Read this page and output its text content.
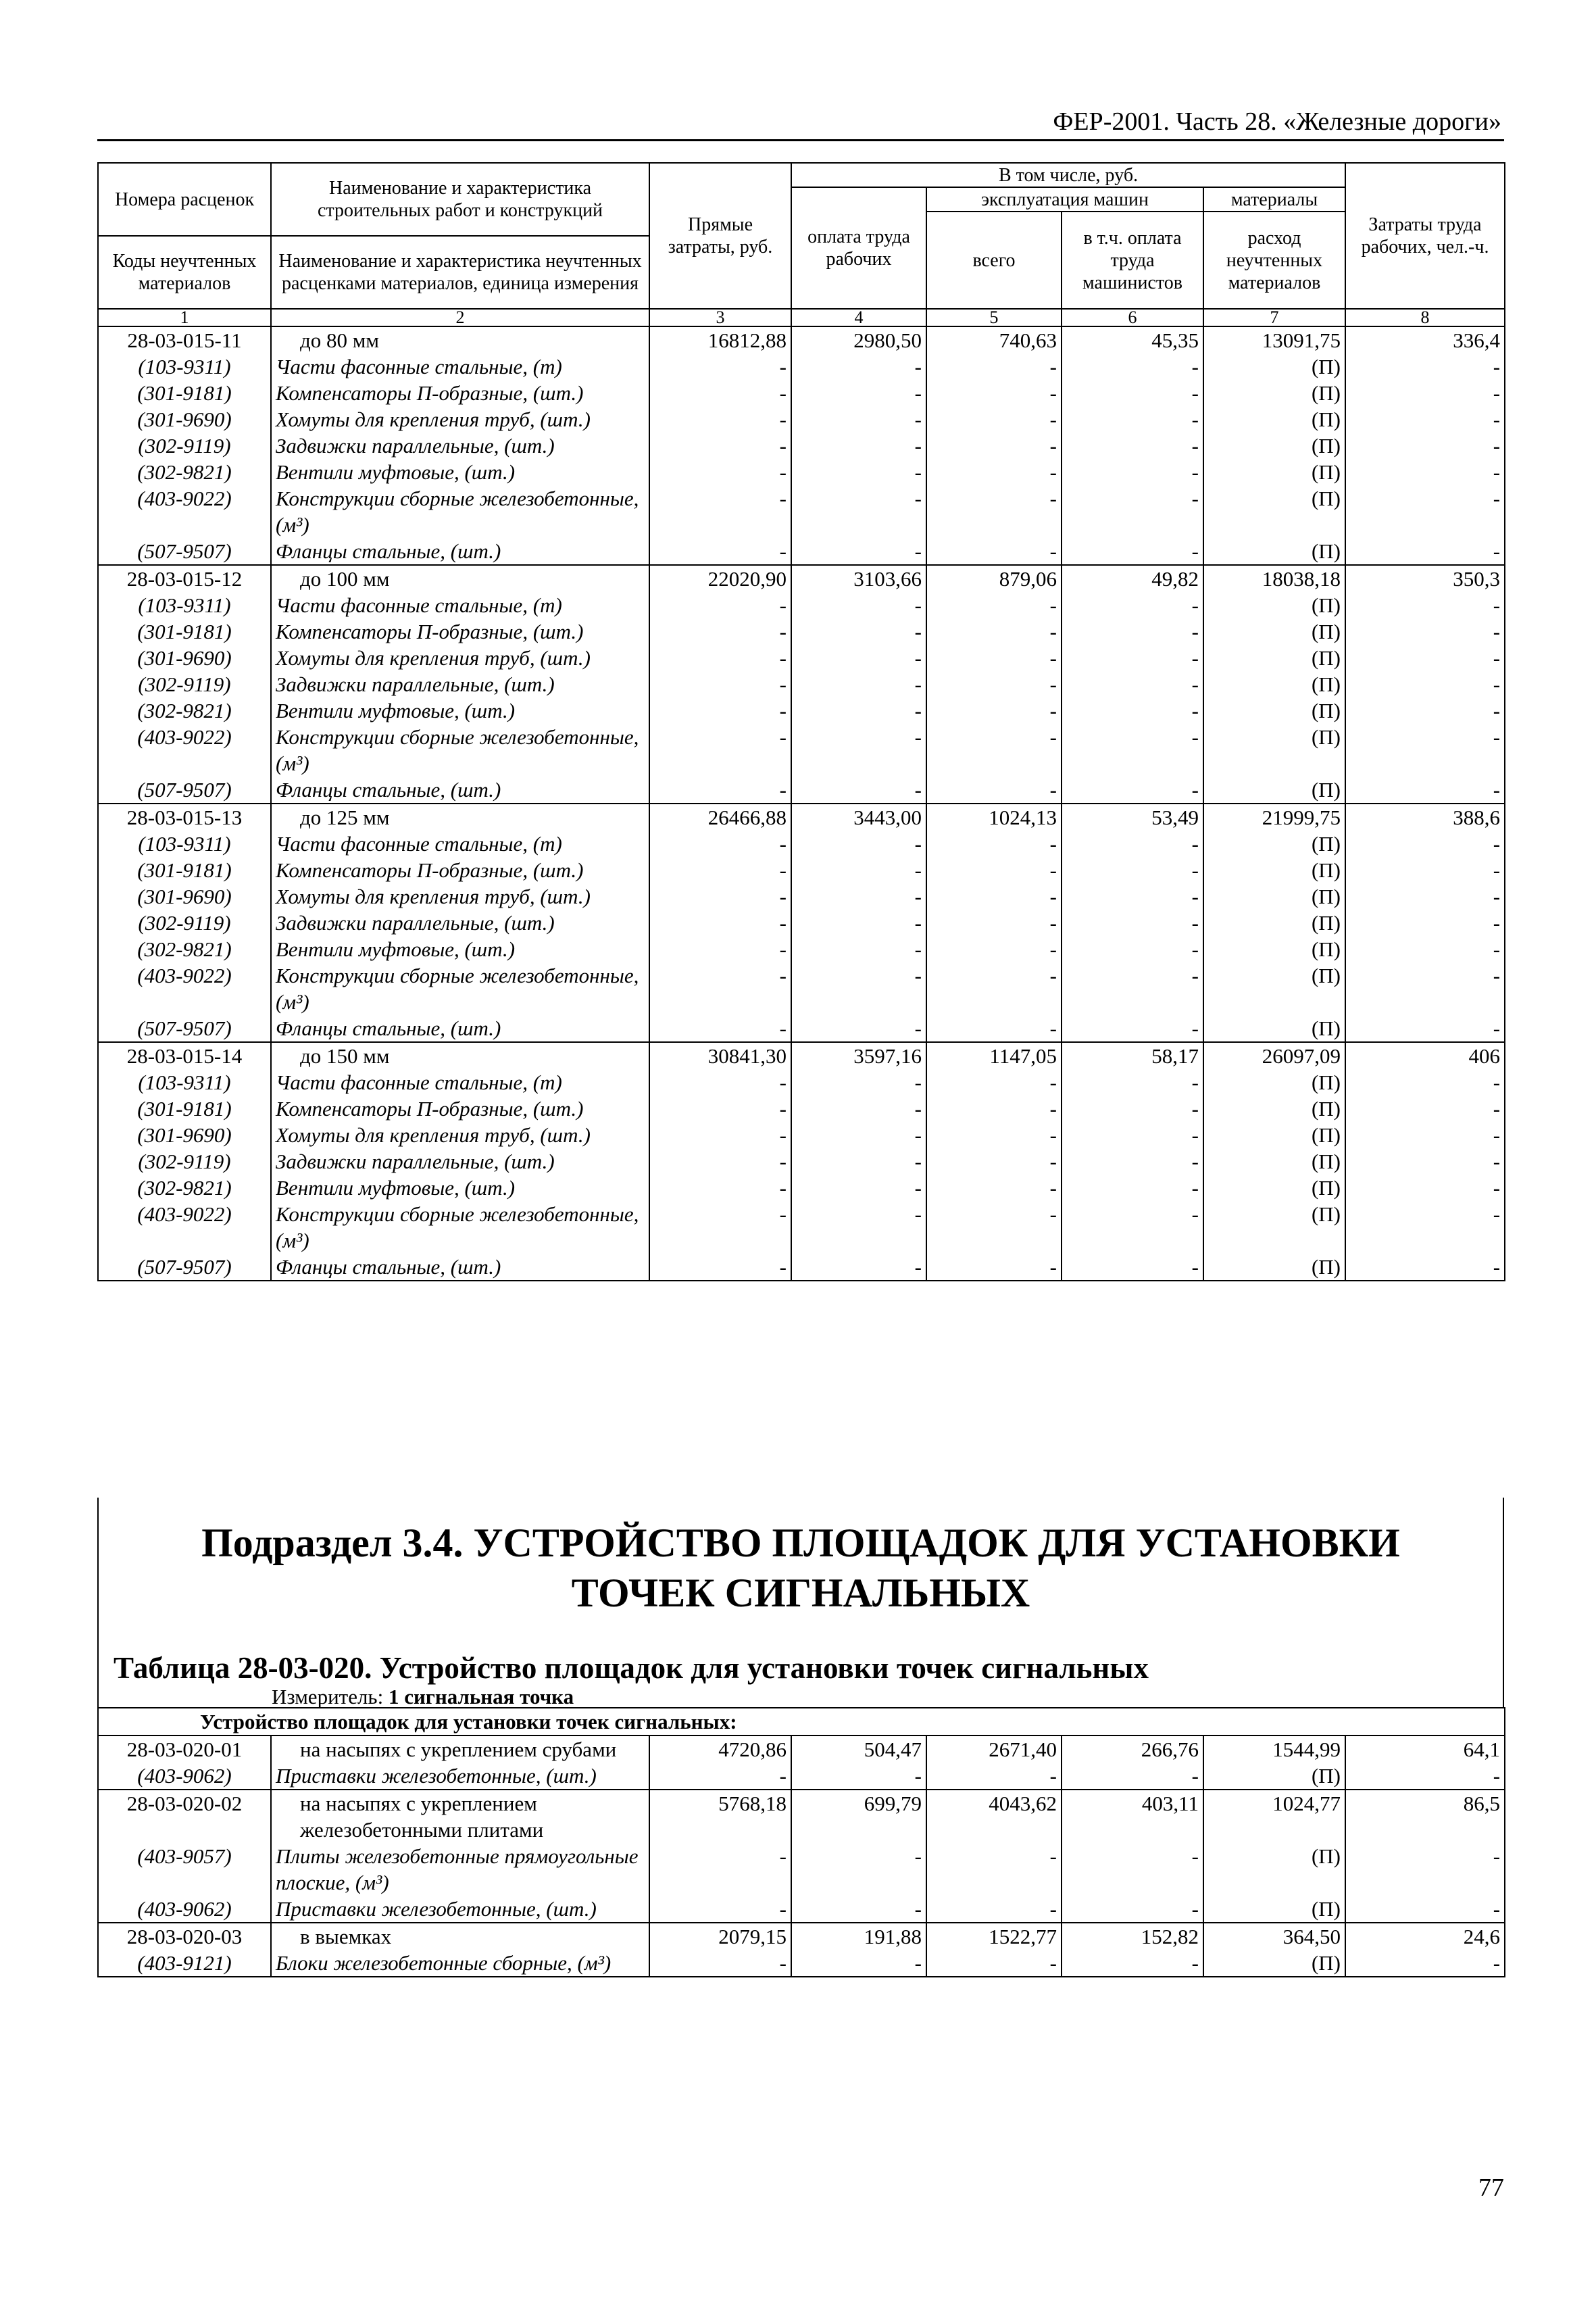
ФЕР-2001. Часть 28. «Железные дороги»
Номера расценок	Наименование и характеристика строительных работ и конструкций	Прямые затраты, руб.	В том числе, руб.				Затраты труда рабочих, чел.-ч.
			оплата труда рабочих	эксплуатация машин		материалы	
				всего	в т.ч. оплата труда машинистов	расход неучтенных материалов	
Коды неучтенных материалов	Наименование и характеристика неучтенных расценками материалов, единица измерения						

1	2	3	4	5	6	7	8
28-03-015-11	до 80 мм	16812,88	2980,50	740,63	45,35	13091,75	336,4
(103-9311)	Части фасонные стальные, (т)	-	-	-	-	(П)	-
(301-9181)	Компенсаторы П-образные, (шт.)	-	-	-	-	(П)	-
(301-9690)	Хомуты для крепления труб, (шт.)	-	-	-	-	(П)	-
(302-9119)	Задвижки параллельные, (шт.)	-	-	-	-	(П)	-
(302-9821)	Вентили муфтовые, (шт.)	-	-	-	-	(П)	-
(403-9022)	Конструкции сборные железобетонные, (м³)	-	-	-	-	(П)	-
(507-9507)	Фланцы стальные, (шт.)	-	-	-	-	(П)	-
28-03-015-12	до 100 мм	22020,90	3103,66	879,06	49,82	18038,18	350,3
(103-9311)	Части фасонные стальные, (т)	-	-	-	-	(П)	-
(301-9181)	Компенсаторы П-образные, (шт.)	-	-	-	-	(П)	-
(301-9690)	Хомуты для крепления труб, (шт.)	-	-	-	-	(П)	-
(302-9119)	Задвижки параллельные, (шт.)	-	-	-	-	(П)	-
(302-9821)	Вентили муфтовые, (шт.)	-	-	-	-	(П)	-
(403-9022)	Конструкции сборные железобетонные, (м³)	-	-	-	-	(П)	-
(507-9507)	Фланцы стальные, (шт.)	-	-	-	-	(П)	-
28-03-015-13	до 125 мм	26466,88	3443,00	1024,13	53,49	21999,75	388,6
(103-9311)	Части фасонные стальные, (т)	-	-	-	-	(П)	-
(301-9181)	Компенсаторы П-образные, (шт.)	-	-	-	-	(П)	-
(301-9690)	Хомуты для крепления труб, (шт.)	-	-	-	-	(П)	-
(302-9119)	Задвижки параллельные, (шт.)	-	-	-	-	(П)	-
(302-9821)	Вентили муфтовые, (шт.)	-	-	-	-	(П)	-
(403-9022)	Конструкции сборные железобетонные, (м³)	-	-	-	-	(П)	-
(507-9507)	Фланцы стальные, (шт.)	-	-	-	-	(П)	-
28-03-015-14	до 150 мм	30841,30	3597,16	1147,05	58,17	26097,09	406
(103-9311)	Части фасонные стальные, (т)	-	-	-	-	(П)	-
(301-9181)	Компенсаторы П-образные, (шт.)	-	-	-	-	(П)	-
(301-9690)	Хомуты для крепления труб, (шт.)	-	-	-	-	(П)	-
(302-9119)	Задвижки параллельные, (шт.)	-	-	-	-	(П)	-
(302-9821)	Вентили муфтовые, (шт.)	-	-	-	-	(П)	-
(403-9022)	Конструкции сборные железобетонные, (м³)	-	-	-	-	(П)	-
(507-9507)	Фланцы стальные, (шт.)	-	-	-	-	(П)	-
Подраздел 3.4. УСТРОЙСТВО ПЛОЩАДОК ДЛЯ УСТАНОВКИ ТОЧЕК СИГНАЛЬНЫХ
Таблица 28-03-020. Устройство площадок для установки точек сигнальных
Измеритель: 1 сигнальная точка
Устройство площадок для установки точек сигнальных:							
28-03-020-01	на насыпях с укреплением срубами	4720,86	504,47	2671,40	266,76	1544,99	64,1
(403-9062)	Приставки железобетонные, (шт.)	-	-	-	-	(П)	-
28-03-020-02	на насыпях с укреплением железобетонными плитами	5768,18	699,79	4043,62	403,11	1024,77	86,5
(403-9057)	Плиты железобетонные прямоугольные плоские, (м³)	-	-	-	-	(П)	-
(403-9062)	Приставки железобетонные, (шт.)	-	-	-	-	(П)	-
28-03-020-03	в выемках	2079,15	191,88	1522,77	152,82	364,50	24,6
(403-9121)	Блоки железобетонные сборные, (м³)	-	-	-	-	(П)	-
77
